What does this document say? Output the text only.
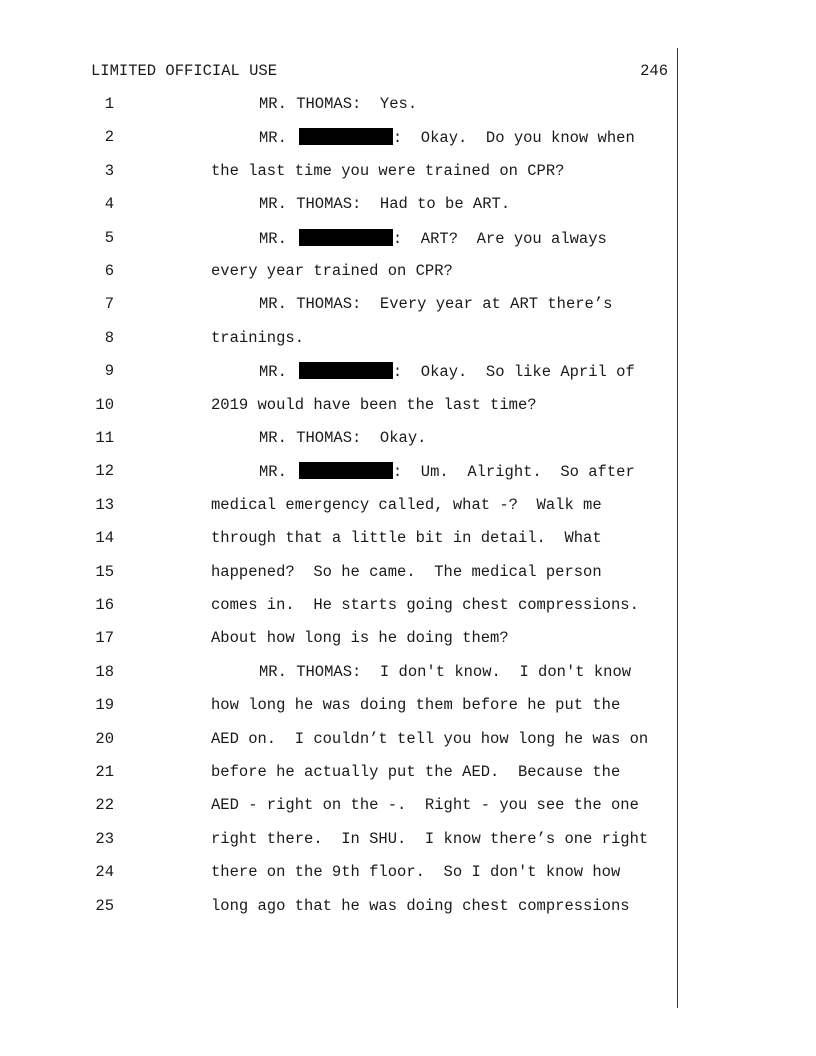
LIMITED OFFICIAL USE	246
1	MR. THOMAS:  Yes.
2	MR.	:  Okay.  Do you know when
3	the last time you were trained on CPR?
4	MR. THOMAS:  Had to be ART.
5	MR.	:  ART?  Are you always
6	every year trained on CPR?
7	MR. THOMAS:  Every year at ART there’s
8	trainings.
9	MR.	:  Okay.  So like April of
10	2019 would have been the last time?
11	MR. THOMAS:  Okay.
12	MR.	:  Um.  Alright.  So after
13	medical emergency called, what -?  Walk me
14	through that a little bit in detail.  What
15	happened?  So he came.  The medical person
16	comes in.  He starts going chest compressions.
17	About how long is he doing them?
18	MR. THOMAS:  I don't know.  I don't know
19	how long he was doing them before he put the
20	AED on.  I couldn’t tell you how long he was on
21	before he actually put the AED.  Because the
22	AED - right on the -.  Right - you see the one
23	right there.  In SHU.  I know there’s one right
24	there on the 9th floor.  So I don't know how
25	long ago that he was doing chest compressions
